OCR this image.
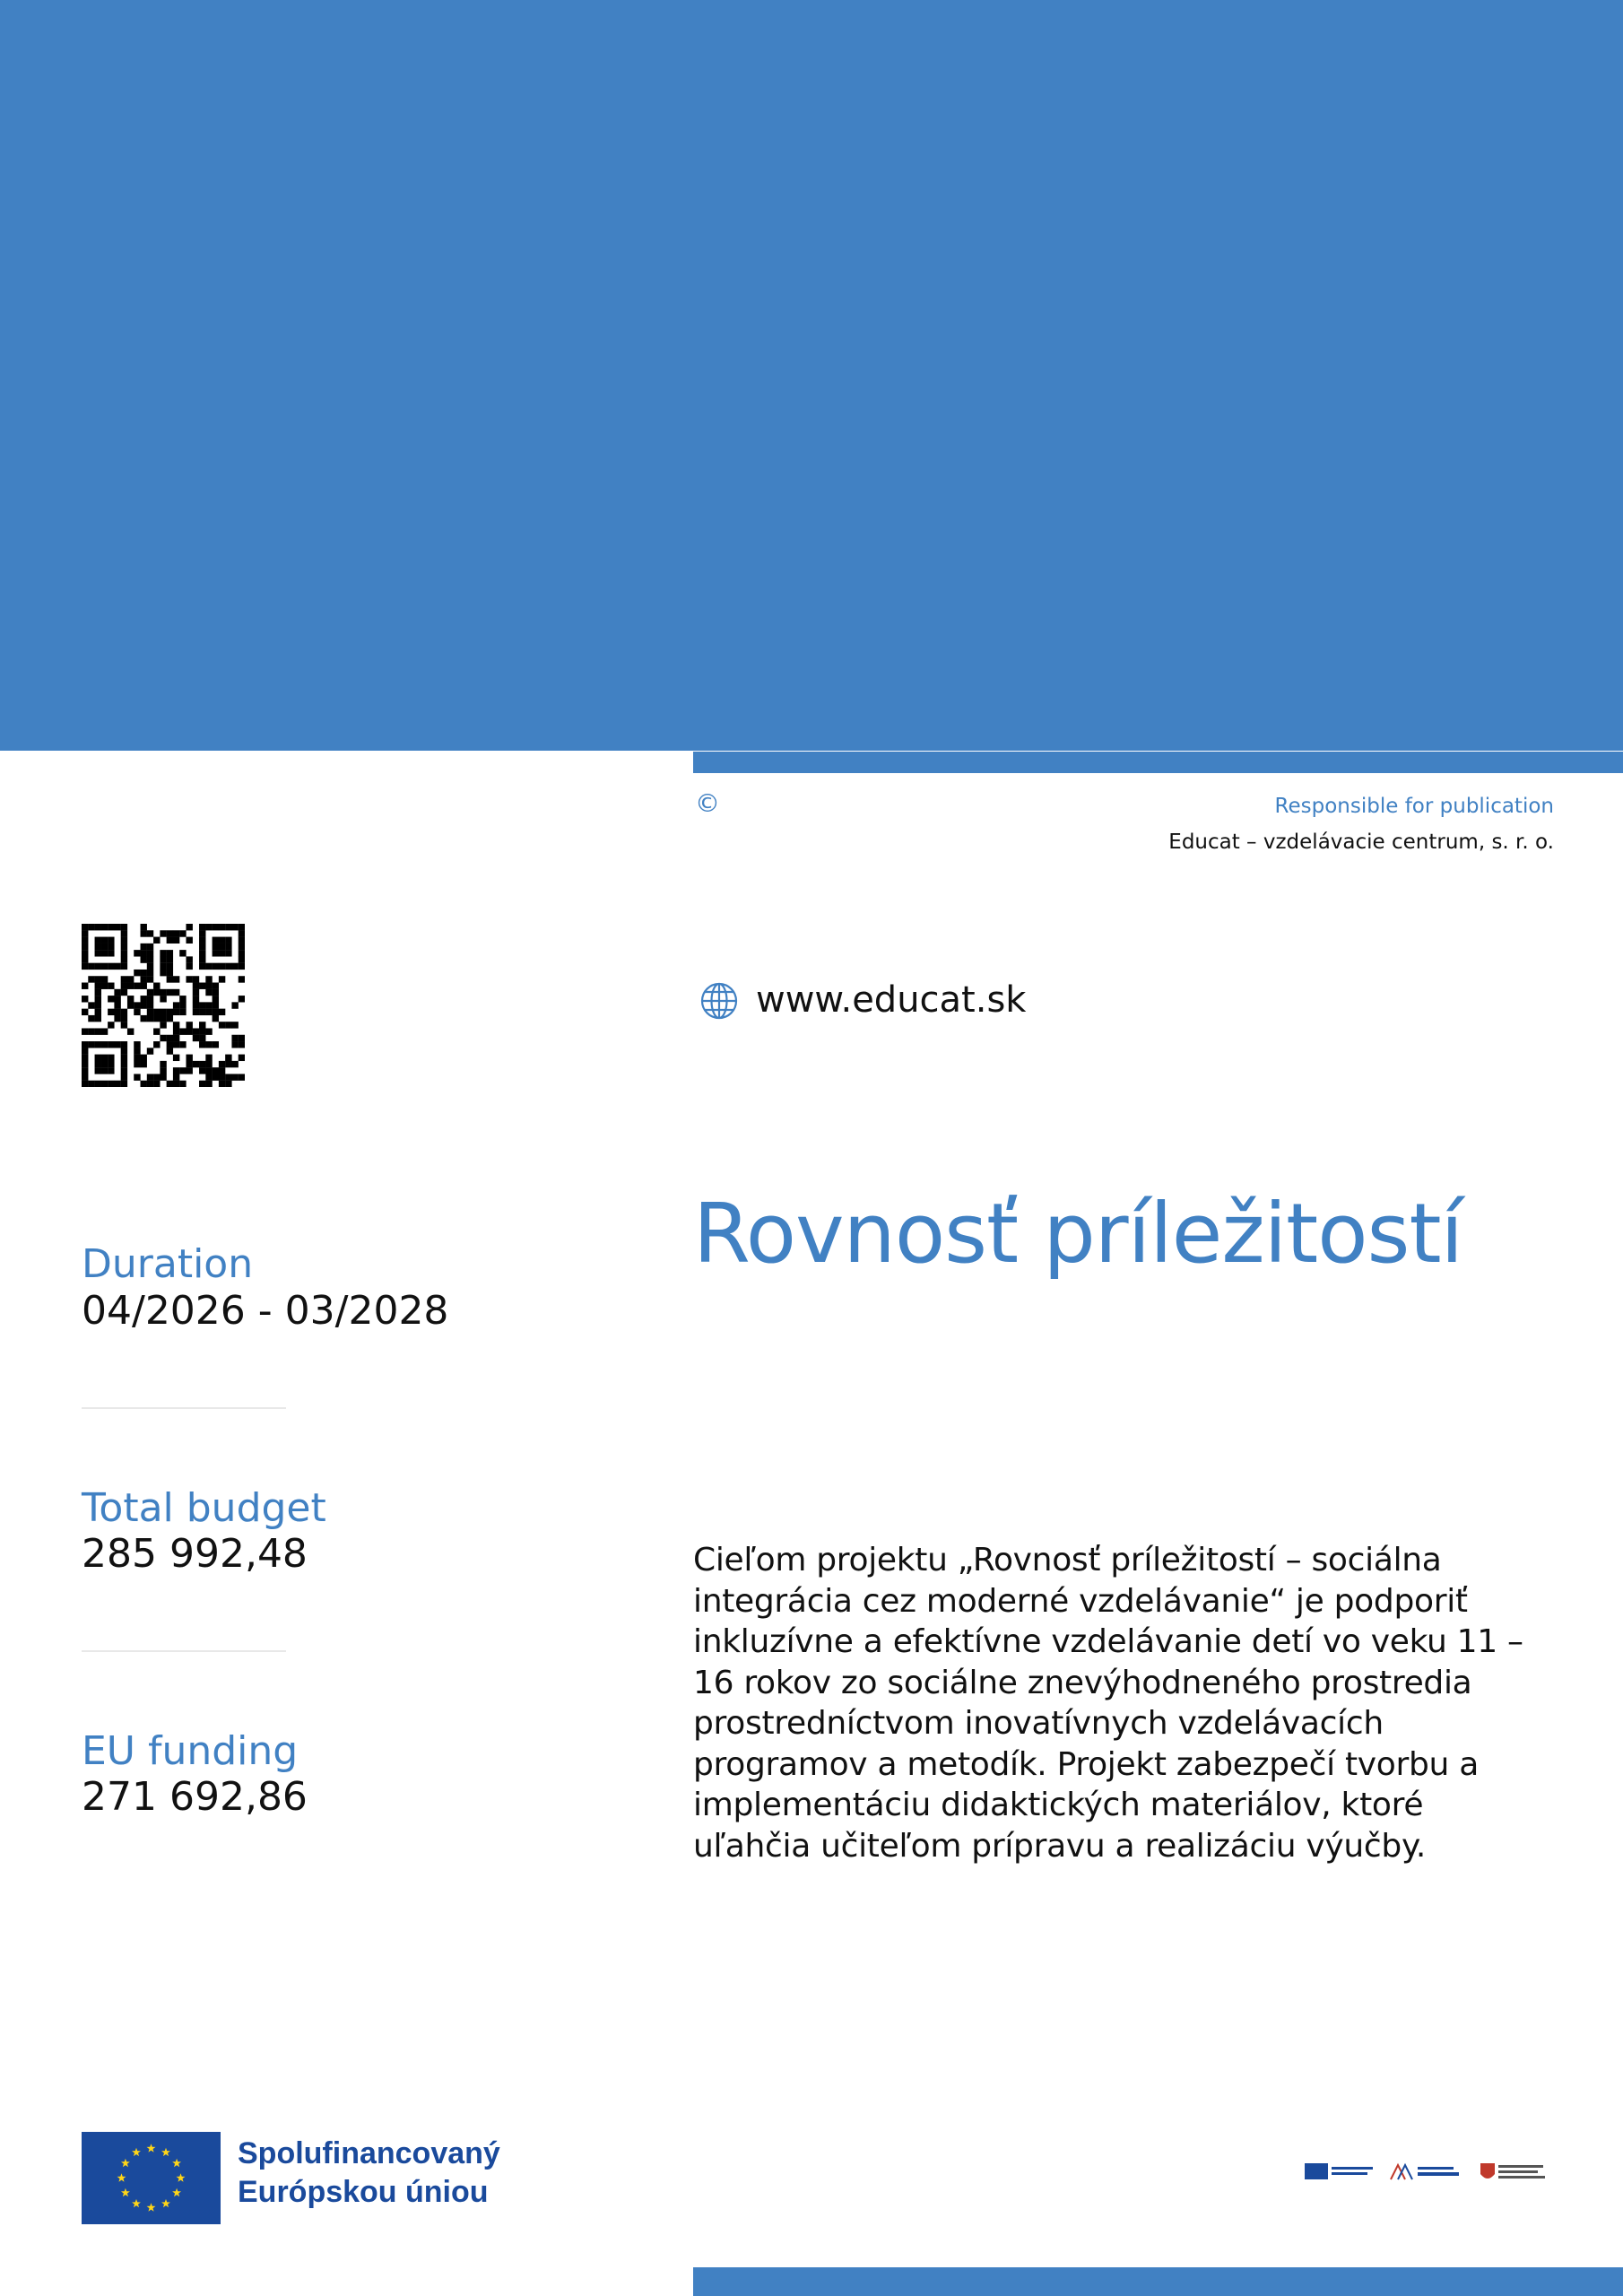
©	Responsible for publication
Educat – vzdelávacie centrum, s. r. o.
www.educat.sk
Rovnosť príležitostí
Duration
04/2026 - 03/2028
Total budget
285 992,48
EU funding
271 692,86
Cieľom projektu „Rovnosť príležitostí – sociálna integrácia cez moderné vzdelávanie“ je podporiť inkluzívne a efektívne vzdelávanie detí vo veku 11 – 16 rokov zo sociálne znevýhodneného prostredia prostredníctvom inovatívnych vzdelávacích programov a metodík. Projekt zabezpečí tvorbu a implementáciu didaktických materiálov, ktoré uľahčia učiteľom prípravu a realizáciu výučby.
Spolufinancovaný
Európskou úniou
